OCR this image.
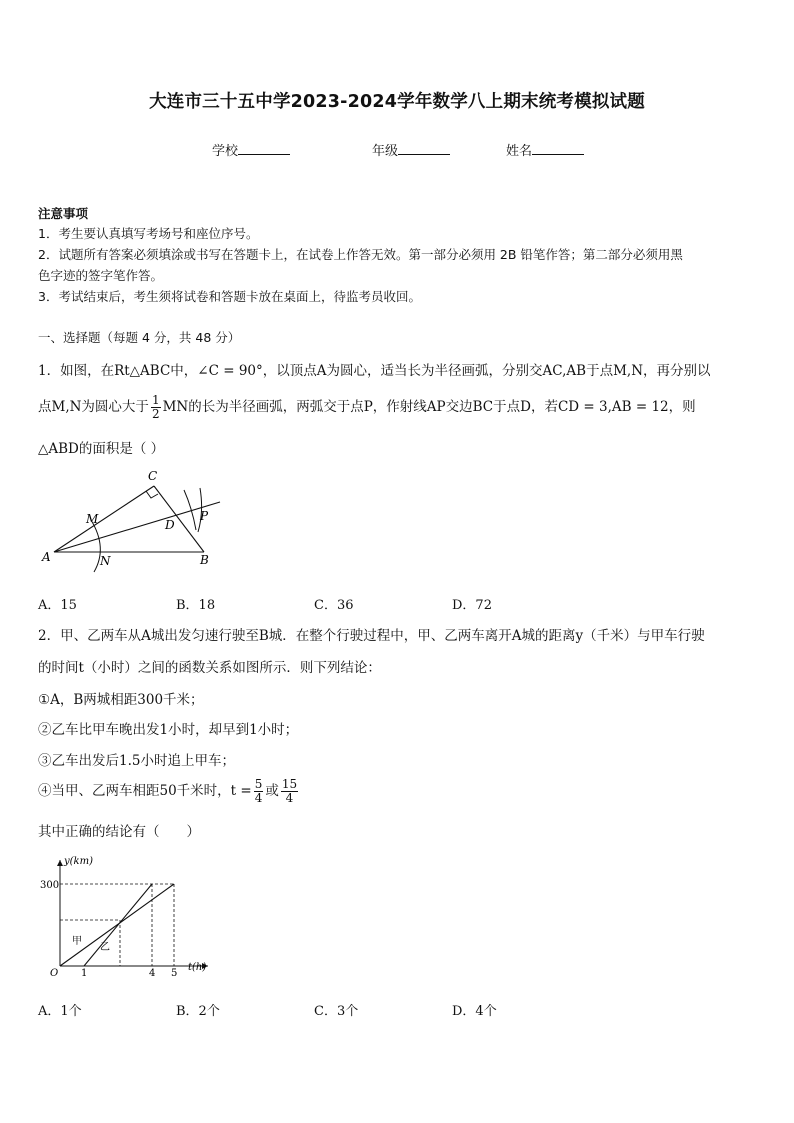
大连市三十五中学2023-2024学年数学八上期末统考模拟试题
学校	年级	姓名
注意事项
1．考生要认真填写考场号和座位序号。
2．试题所有答案必须填涂或书写在答题卡上，在试卷上作答无效。第一部分必须用 2B 铅笔作答；第二部分必须用黑
色字迹的签字笔作答。
3．考试结束后，考生须将试卷和答题卡放在桌面上，待监考员收回。
一、选择题（每题 4 分，共 48 分）
1．如图，在Rt△ABC中，∠C = 90°，以顶点A为圆心，适当长为半径画弧，分别交AC,AB于点M,N，再分别以
点M,N为圆心大于 $\frac{1}{2}$ MN的长为半径画弧，两弧交于点P，作射线AP交边BC于点D，若CD = 3,AB = 12，则
△ABD的面积是（ ）
C
M	D
P
A	N	B
A．15	B．18	C．36	D．72
2．甲、乙两车从A城出发匀速行驶至B城．在整个行驶过程中，甲、乙两车离开A城的距离y（千米）与甲车行驶
的时间t（小时）之间的函数关系如图所示．则下列结论：
①A，B两城相距300千米；
②乙车比甲车晚出发1小时，却早到1小时；
③乙车出发后1.5小时追上甲车；
④当甲、乙两车相距50千米时，$t = \frac{5}{4}$ 或 $\frac{15}{4}$
其中正确的结论有（　　）
y(km)
t(h)
300
O 1	4 5
甲
乙
A．1个	B．2个	C．3个	D．4个
